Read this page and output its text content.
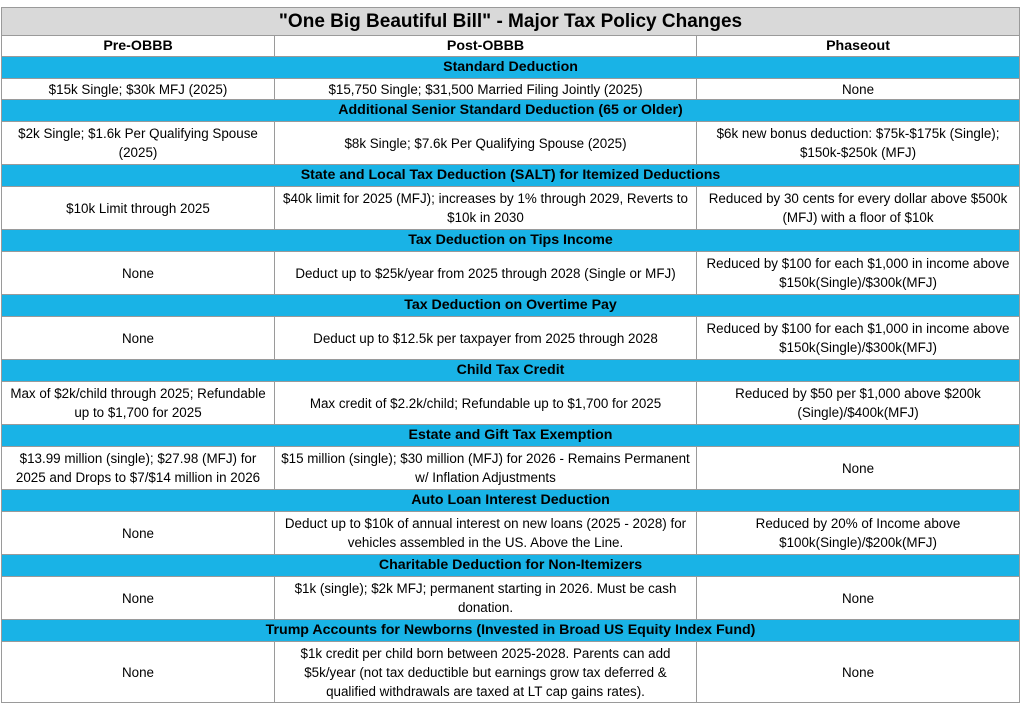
"One Big Beautiful Bill" - Major Tax Policy Changes		
Pre-OBBB	Post-OBBB	Phaseout
Standard Deduction		
$15k Single; $30k MFJ (2025)	$15,750 Single; $31,500 Married Filing Jointly (2025)	None
Additional Senior Standard Deduction (65 or Older)		
$2k Single; $1.6k Per Qualifying Spouse (2025)	$8k Single; $7.6k Per Qualifying Spouse (2025)	$6k new bonus deduction: $75k-$175k (Single); $150k-$250k (MFJ)
State and Local Tax Deduction (SALT) for Itemized Deductions		
$10k Limit through 2025	$40k limit for 2025 (MFJ); increases by 1% through 2029, Reverts to $10k in 2030	Reduced by 30 cents for every dollar above $500k (MFJ) with a floor of $10k
Tax Deduction on Tips Income		
None	Deduct up to $25k/year from 2025 through 2028 (Single or MFJ)	Reduced by $100 for each $1,000 in income above $150k(Single)/$300k(MFJ)
Tax Deduction on Overtime Pay		
None	Deduct up to $12.5k per taxpayer from 2025 through 2028	Reduced by $100 for each $1,000 in income above $150k(Single)/$300k(MFJ)
Child Tax Credit		
Max of $2k/child through 2025; Refundable up to $1,700 for 2025	Max credit of $2.2k/child; Refundable up to $1,700 for 2025	Reduced by $50 per $1,000 above $200k (Single)/$400k(MFJ)
Estate and Gift Tax Exemption		
$13.99 million (single); $27.98 (MFJ) for 2025 and Drops to $7/$14 million in 2026	$15 million (single); $30 million (MFJ) for 2026 - Remains Permanent w/ Inflation Adjustments	None
Auto Loan Interest Deduction		
None	Deduct up to $10k of annual interest on new loans (2025 - 2028) for vehicles assembled in the US. Above the Line.	Reduced by 20% of Income above $100k(Single)/$200k(MFJ)
Charitable Deduction for Non-Itemizers		
None	$1k (single); $2k MFJ; permanent starting in 2026. Must be cash donation.	None
Trump Accounts for Newborns (Invested in Broad US Equity Index Fund)		
None	$1k credit per child born between 2025-2028. Parents can add $5k/year (not tax deductible but earnings grow tax deferred & qualified withdrawals are taxed at LT cap gains rates).	None
